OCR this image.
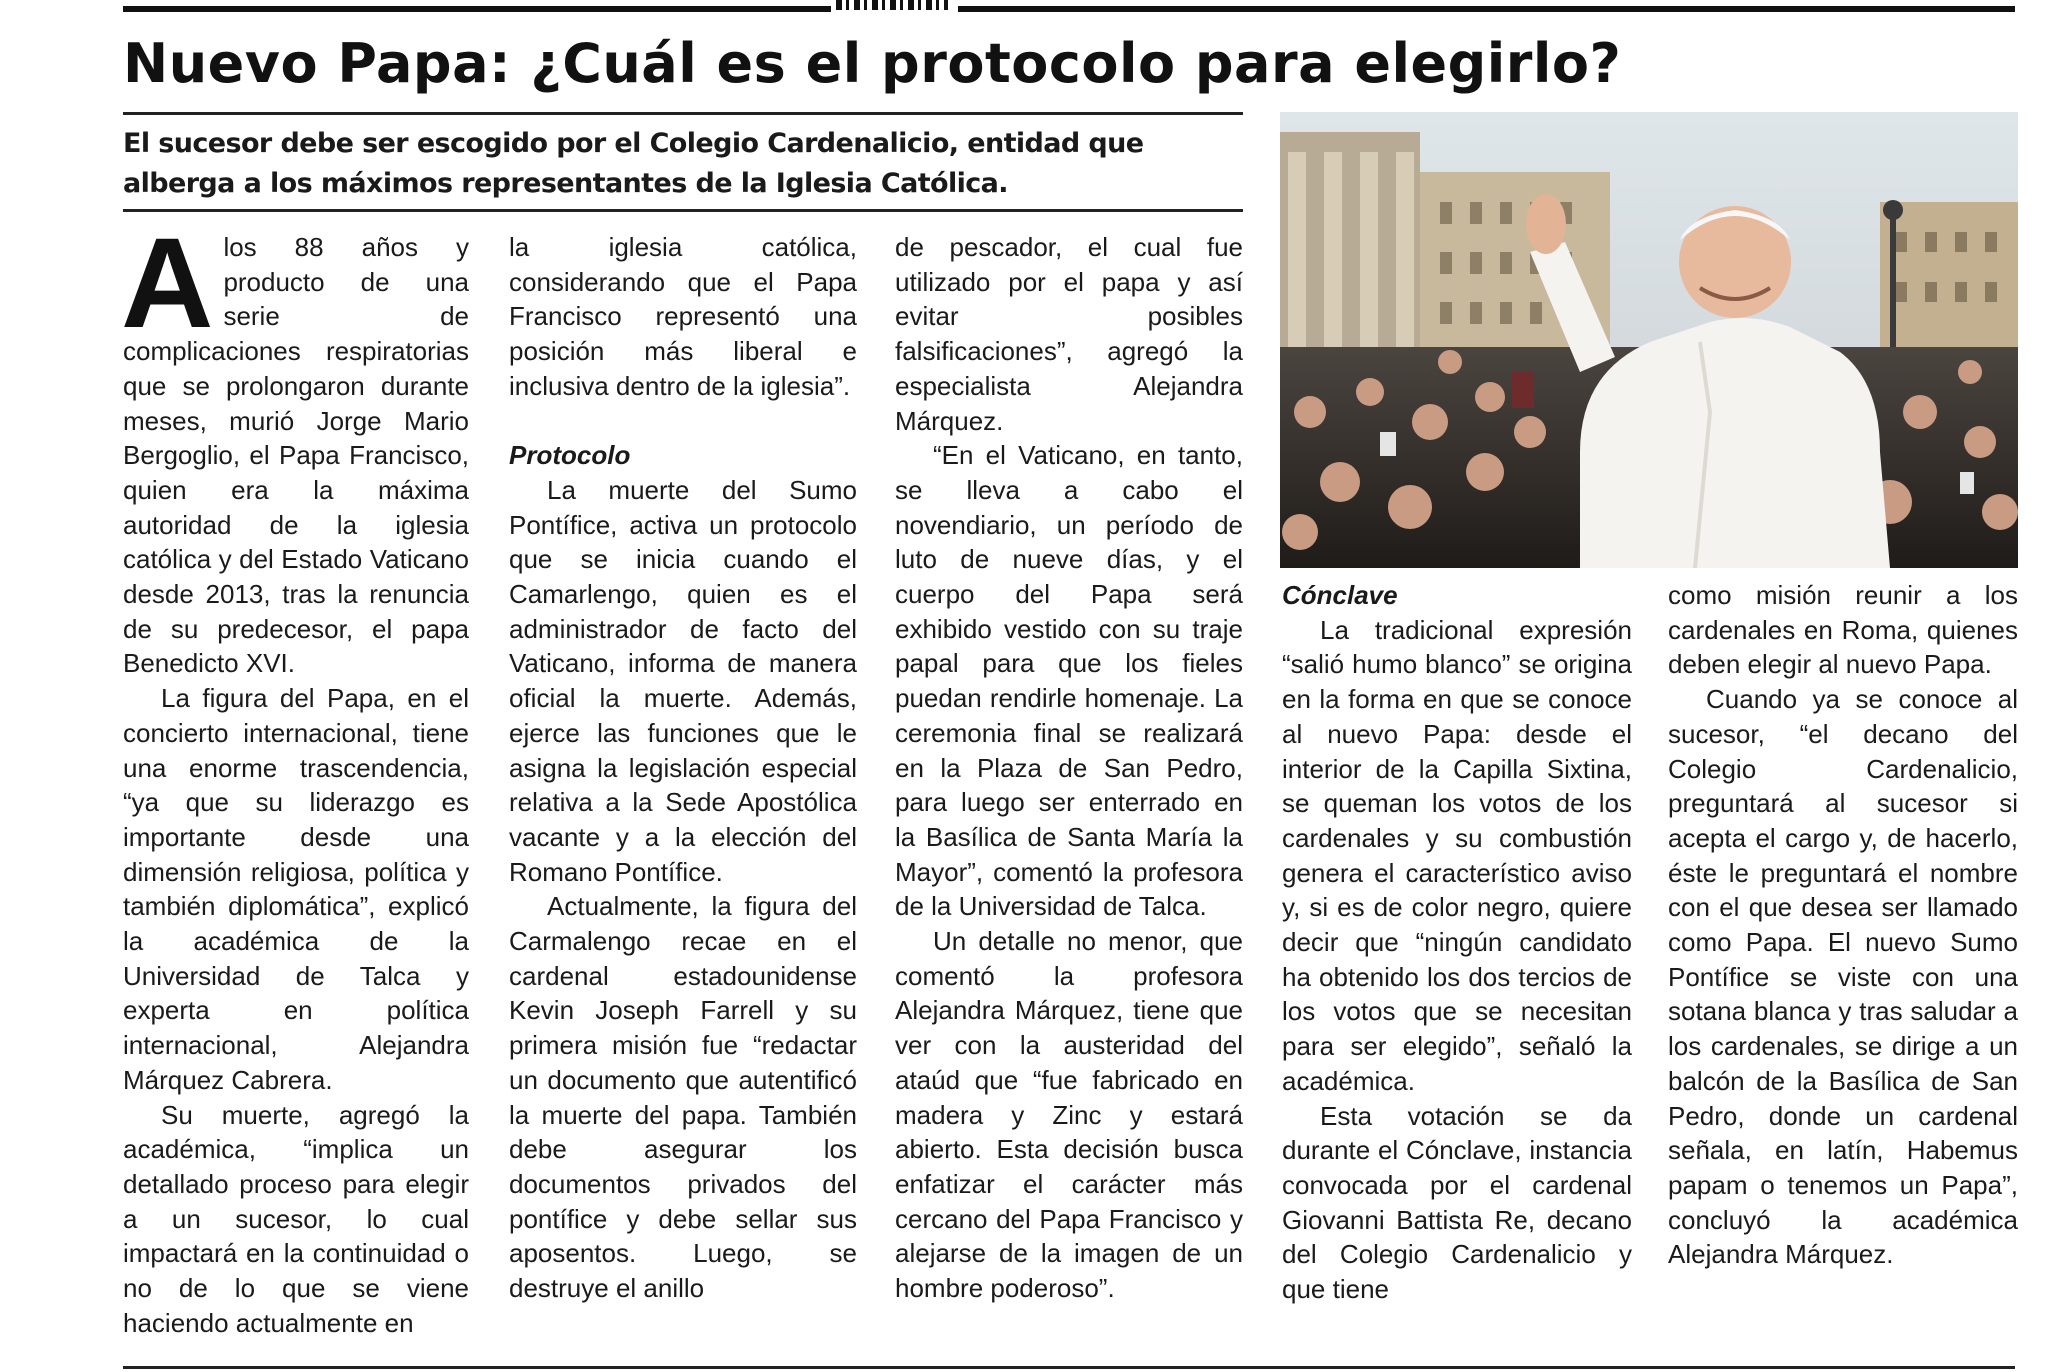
Nuevo Papa: ¿Cuál es el protocolo para elegirlo?

El sucesor debe ser escogido por el Colegio Cardenalicio, entidad que alberga a los máximos representantes de la Iglesia Católica.

Alos 88 años y producto de una serie de complicaciones respiratorias que se prolongaron durante meses, murió Jorge Mario Bergoglio, el Papa Francisco, quien era la máxima autoridad de la iglesia católica y del Estado Vaticano desde 2013, tras la renuncia de su predecesor, el papa Benedicto XVI.

La figura del Papa, en el concierto internacional, tiene una enorme trascendencia, “ya que su liderazgo es importante desde una dimensión religiosa, política y también diplomática”, explicó la académica de la Universidad de Talca y experta en política internacional, Alejandra Márquez Cabrera.

Su muerte, agregó la académica, “implica un detallado proceso para elegir a un sucesor, lo cual impactará en la continuidad o no de lo que se viene haciendo actualmente en

la iglesia católica, considerando que el Papa Francisco representó una posición más liberal e inclusiva dentro de la iglesia”.

Protocolo

La muerte del Sumo Pontífice, activa un protocolo que se inicia cuando el Camarlengo, quien es el administrador de facto del Vaticano, informa de manera oficial la muerte. Además, ejerce las funciones que le asigna la legislación especial relativa a la Sede Apostólica vacante y a la elección del Romano Pontífice.

Actualmente, la figura del Carmalengo recae en el cardenal estadounidense Kevin Joseph Farrell y su primera misión fue “redactar un documento que autentificó la muerte del papa. También debe asegurar los documentos privados del pontífice y debe sellar sus aposentos. Luego, se destruye el anillo

de pescador, el cual fue utilizado por el papa y así evitar posibles falsificaciones”, agregó la especialista Alejandra Márquez.

“En el Vaticano, en tanto, se lleva a cabo el novendiario, un período de luto de nueve días, y el cuerpo del Papa será exhibido vestido con su traje papal para que los fieles puedan rendirle homenaje. La ceremonia final se realizará en la Plaza de San Pedro, para luego ser enterrado en la Basílica de Santa María la Mayor”, comentó la profesora de la Universidad de Talca.

Un detalle no menor, que comentó la profesora Alejandra Márquez, tiene que ver con la austeridad del ataúd que “fue fabricado en madera y Zinc y estará abierto. Esta decisión busca enfatizar el carácter más cercano del Papa Francisco y alejarse de la imagen de un hombre poderoso”.

Cónclave

La tradicional expresión “salió humo blanco” se origina en la forma en que se conoce al nuevo Papa: desde el interior de la Capilla Sixtina, se queman los votos de los cardenales y su combustión genera el característico aviso y, si es de color negro, quiere decir que “ningún candidato ha obtenido los dos tercios de los votos que se necesitan para ser elegido”, señaló la académica.

Esta votación se da durante el Cónclave, instancia convocada por el cardenal Giovanni Battista Re, decano del Colegio Cardenalicio y que tiene

como misión reunir a los cardenales en Roma, quienes deben elegir al nuevo Papa.

Cuando ya se conoce al sucesor, “el decano del Colegio Cardenalicio, preguntará al sucesor si acepta el cargo y, de hacerlo, éste le preguntará el nombre con el que desea ser llamado como Papa. El nuevo Sumo Pontífice se viste con una sotana blanca y tras saludar a los cardenales, se dirige a un balcón de la Basílica de San Pedro, donde un cardenal señala, en latín, Habemus papam o tenemos un Papa”, concluyó la académica Alejandra Márquez.
